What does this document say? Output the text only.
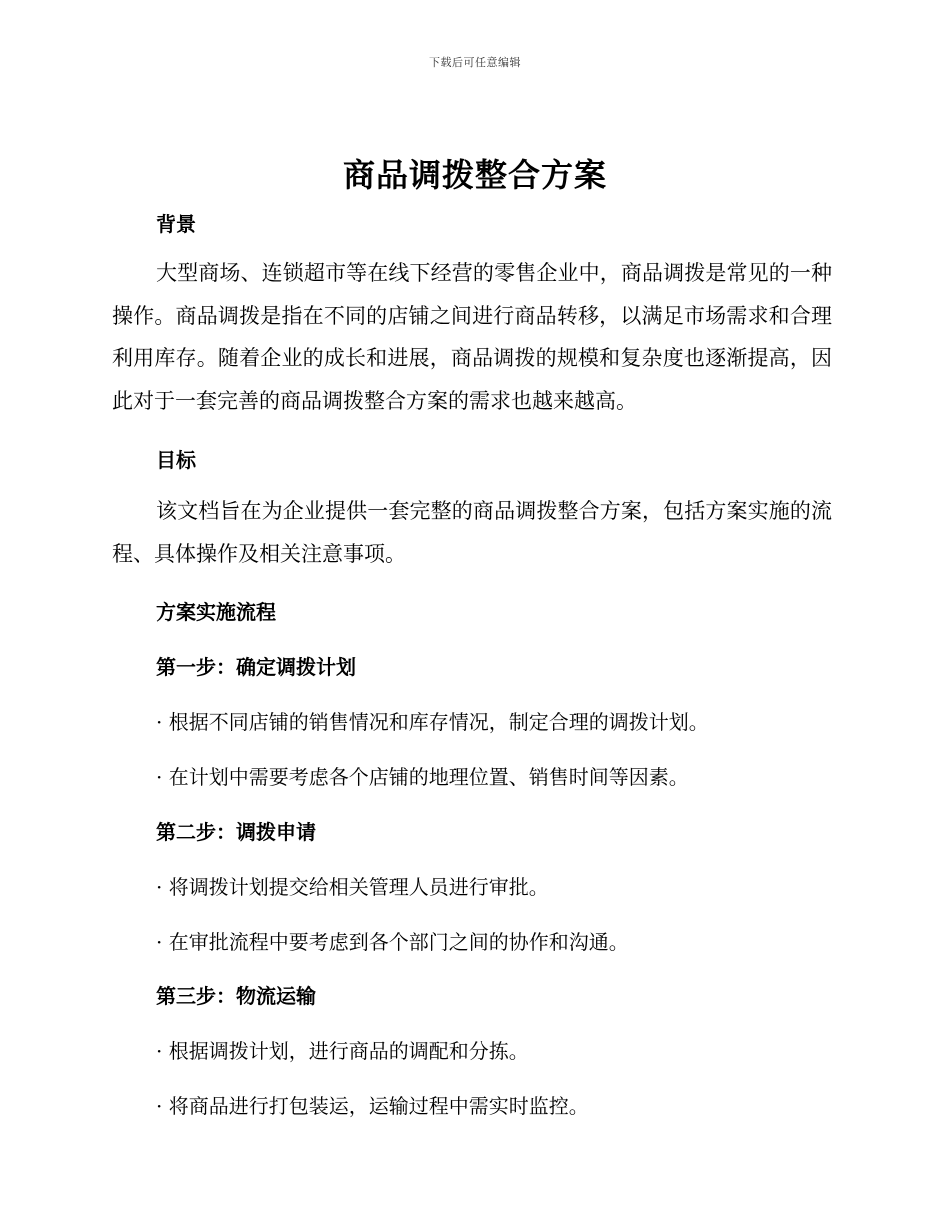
下载后可任意编辑
商品调拨整合方案
背景
大型商场、连锁超市等在线下经营的零售企业中，商品调拨是常见的一种操作。商品调拨是指在不同的店铺之间进行商品转移，以满足市场需求和合理利用库存。随着企业的成长和进展，商品调拨的规模和复杂度也逐渐提高，因此对于一套完善的商品调拨整合方案的需求也越来越高。
目标
该文档旨在为企业提供一套完整的商品调拨整合方案，包括方案实施的流程、具体操作及相关注意事项。
方案实施流程
第一步：确定调拨计划
· 根据不同店铺的销售情况和库存情况，制定合理的调拨计划。
· 在计划中需要考虑各个店铺的地理位置、销售时间等因素。
第二步：调拨申请
· 将调拨计划提交给相关管理人员进行审批。
· 在审批流程中要考虑到各个部门之间的协作和沟通。
第三步：物流运输
· 根据调拨计划，进行商品的调配和分拣。
· 将商品进行打包装运，运输过程中需实时监控。
